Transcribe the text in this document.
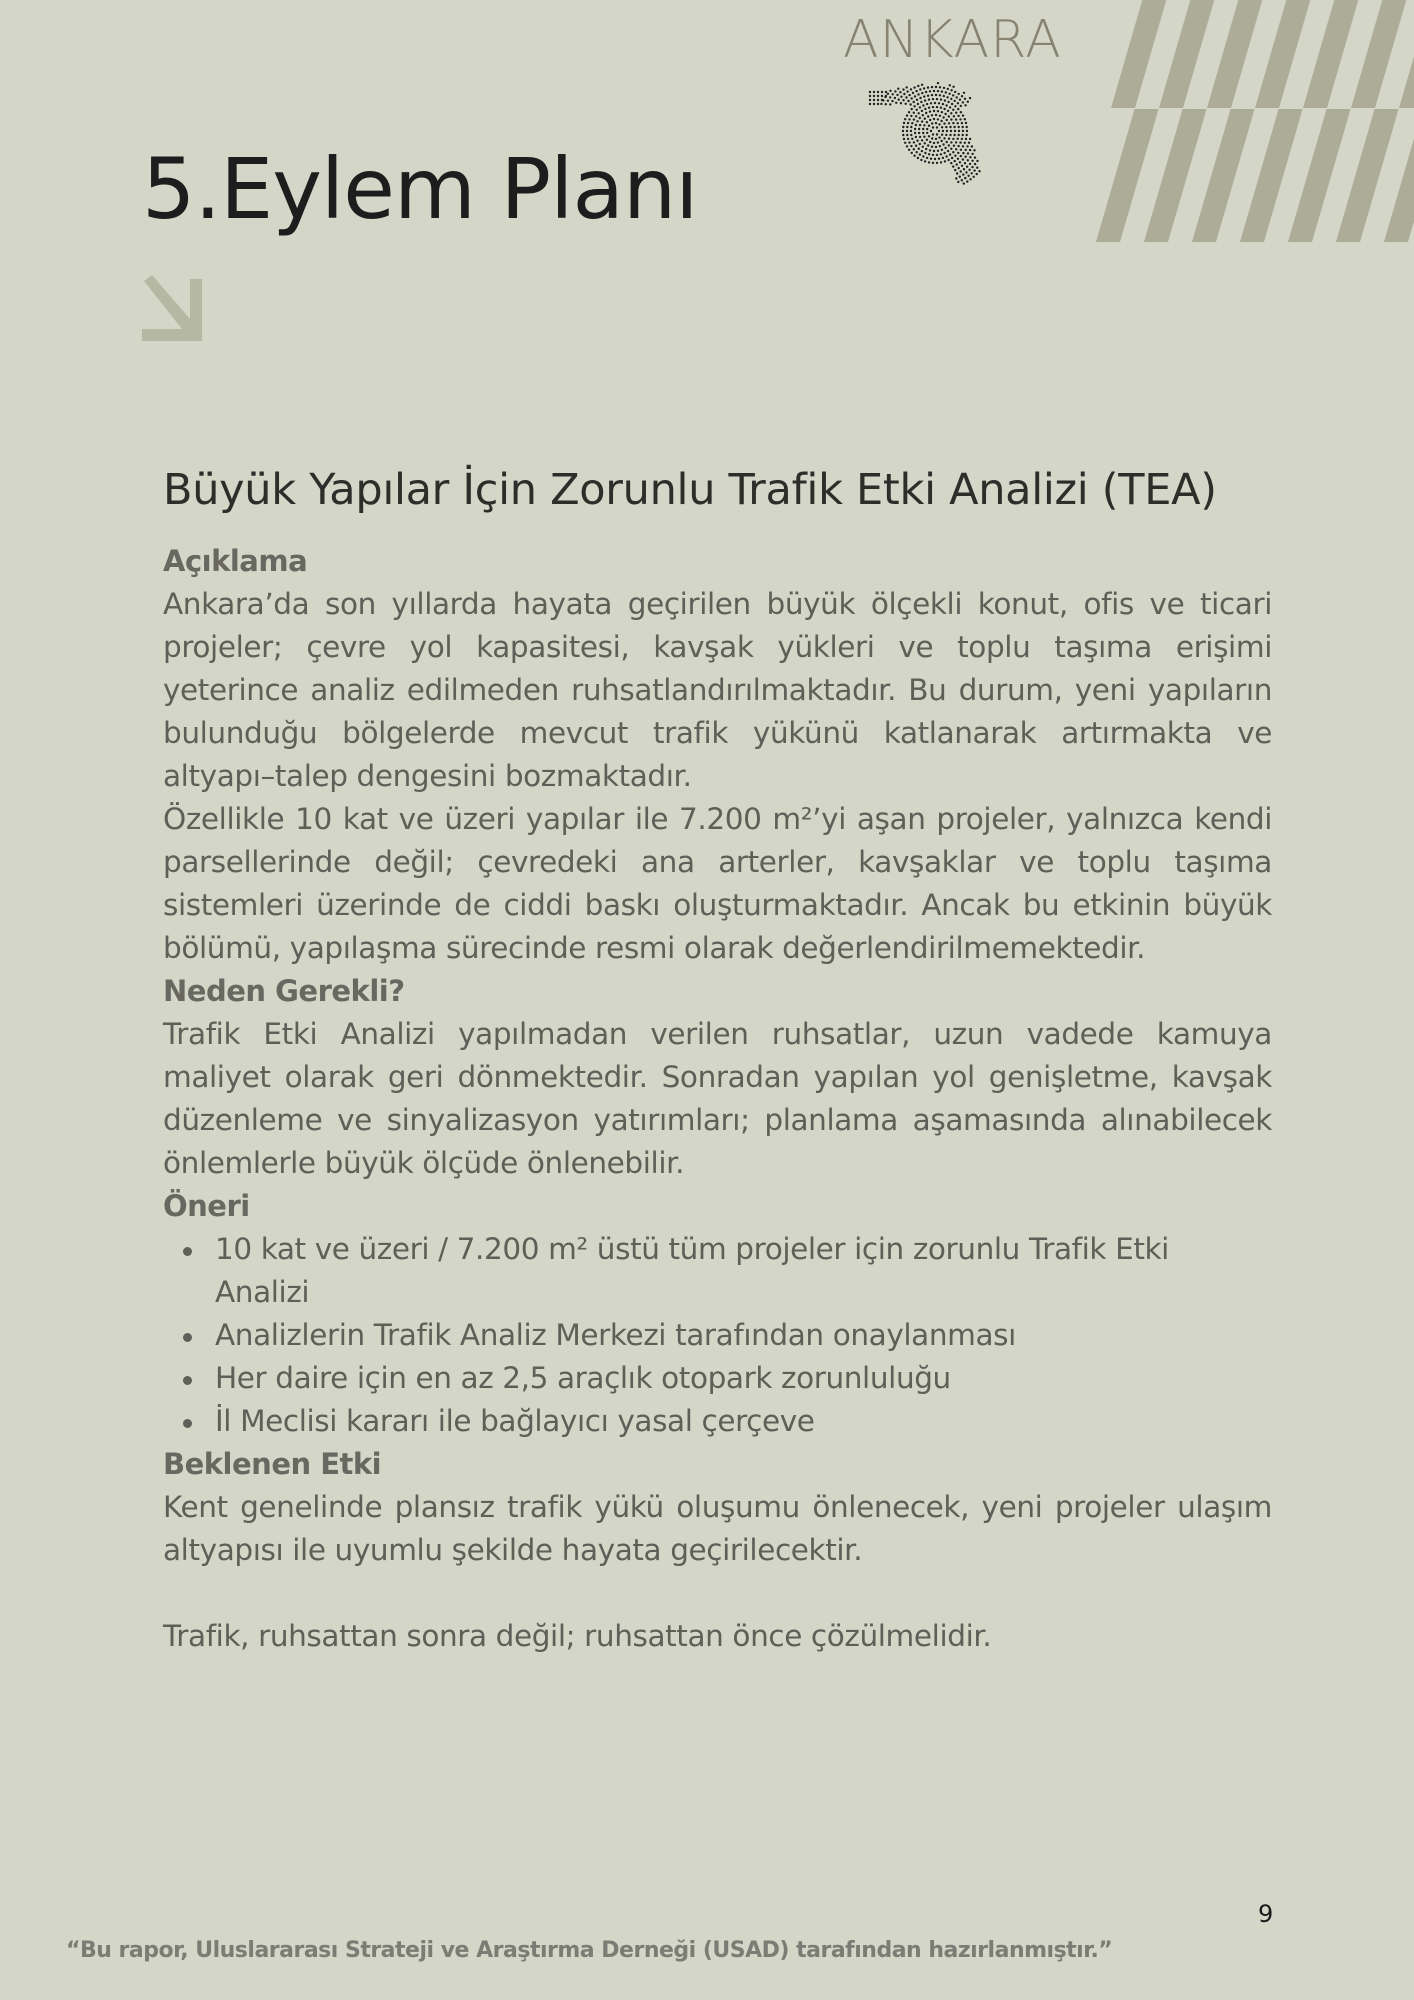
ANKARA
5.Eylem Planı
Büyük Yapılar İçin Zorunlu Trafik Etki Analizi (TEA)

Açıklama

Ankara’da son yıllarda hayata geçirilen büyük ölçekli konut, ofis ve ticari projeler; çevre yol kapasitesi, kavşak yükleri ve toplu taşıma erişimi yeterince analiz edilmeden ruhsatlandırılmaktadır. Bu durum, yeni yapıların bulunduğu bölgelerde mevcut trafik yükünü katlanarak artırmakta ve altyapı–talep dengesini bozmaktadır.

Özellikle 10 kat ve üzeri yapılar ile 7.200 m²’yi aşan projeler, yalnızca kendi parsellerinde değil; çevredeki ana arterler, kavşaklar ve toplu taşıma sistemleri üzerinde de ciddi baskı oluşturmaktadır. Ancak bu etkinin büyük bölümü, yapılaşma sürecinde resmi olarak değerlendirilmemektedir.

Neden Gerekli?

Trafik Etki Analizi yapılmadan verilen ruhsatlar, uzun vadede kamuya maliyet olarak geri dönmektedir. Sonradan yapılan yol genişletme, kavşak düzenleme ve sinyalizasyon yatırımları; planlama aşamasında alınabilecek önlemlerle büyük ölçüde önlenebilir.

Öneri

10 kat ve üzeri / 7.200 m² üstü tüm projeler için zorunlu Trafik Etki Analizi
Analizlerin Trafik Analiz Merkezi tarafından onaylanması
Her daire için en az 2,5 araçlık otopark zorunluluğu
İl Meclisi kararı ile bağlayıcı yasal çerçeve

Beklenen Etki

Kent genelinde plansız trafik yükü oluşumu önlenecek, yeni projeler ulaşım altyapısı ile uyumlu şekilde hayata geçirilecektir.

Trafik, ruhsattan sonra değil; ruhsattan önce çözülmelidir.

9
“Bu rapor, Uluslararası Strateji ve Araştırma Derneği (USAD) tarafından hazırlanmıştır.”
